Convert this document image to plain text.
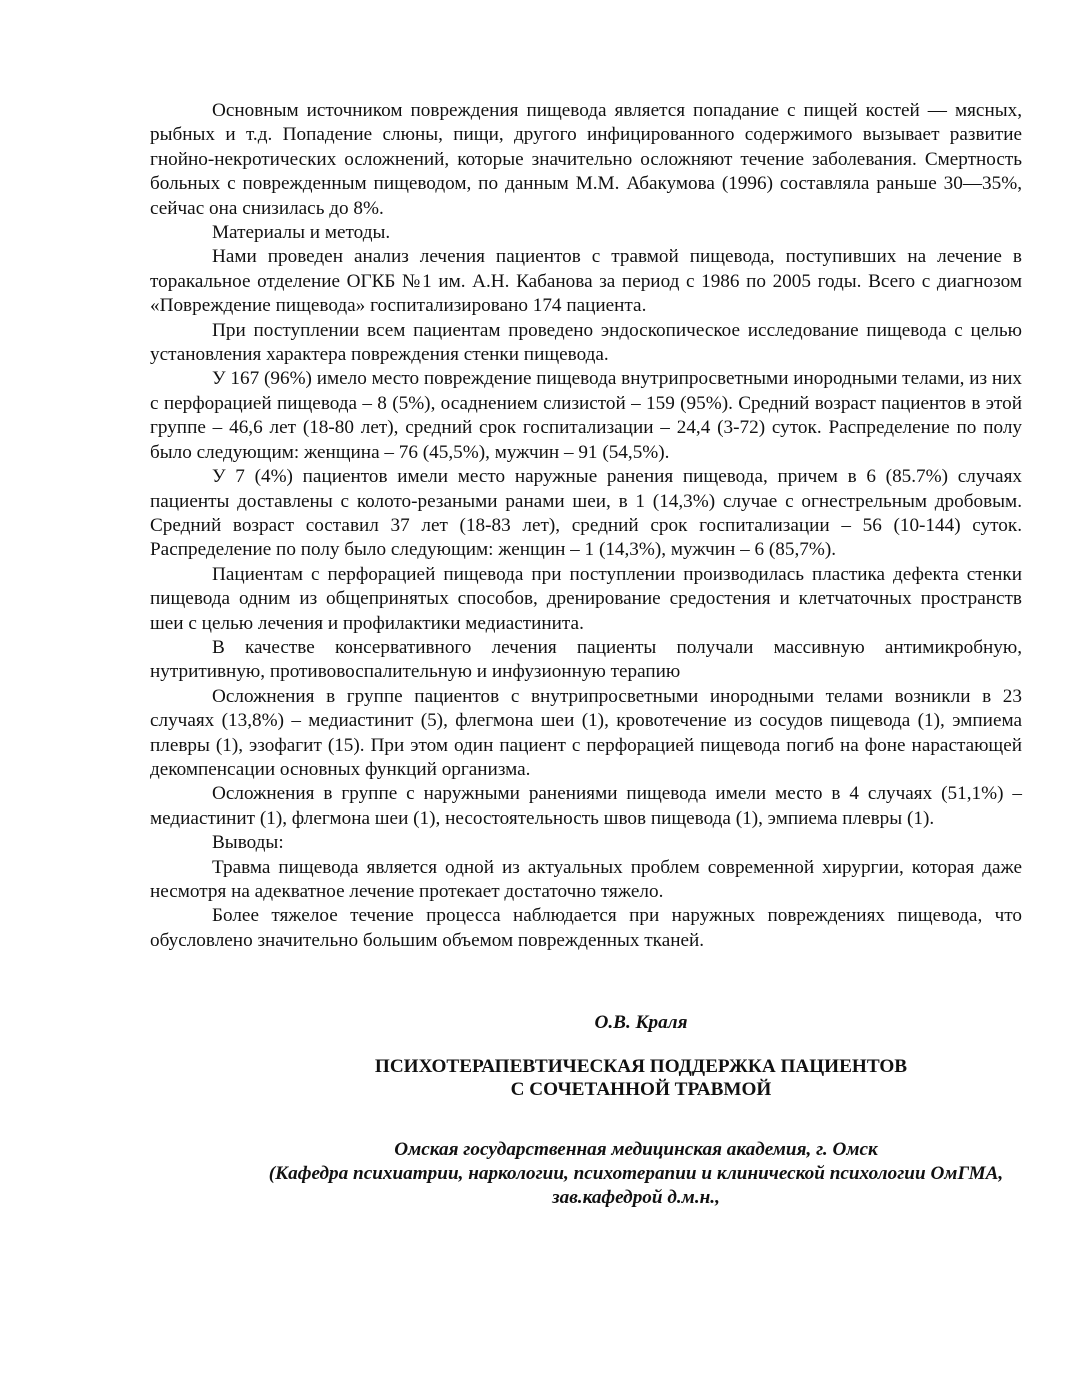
Основным источником повреждения пищевода является попадание с пищей костей — мясных, рыбных и т.д. Попадение слюны, пищи, другого инфицированного содержимого вызывает развитие гнойно-некротических осложнений, которые значительно осложняют течение заболевания. Смертность больных с поврежденным пищеводом, по данным М.М. Абакумова (1996) составляла раньше 30—35%, сейчас она снизилась до 8%.

Материалы и методы.

Нами проведен анализ лечения пациентов с травмой пищевода, поступивших на лечение в торакальное отделение ОГКБ №1 им. А.Н. Кабанова за период с 1986 по 2005 годы. Всего с диагнозом «Повреждение пищевода» госпитализировано 174 пациента.

При поступлении всем пациентам проведено эндоскопическое исследование пищевода с целью установления характера повреждения стенки пищевода.

У 167 (96%) имело место повреждение пищевода внутрипросветными инородными телами, из них с перфорацией пищевода – 8 (5%), осаднением слизистой – 159 (95%). Средний возраст пациентов в этой группе – 46,6 лет (18-80 лет), средний срок госпитализации – 24,4 (3-72) суток. Распределение по полу было следующим: женщина – 76 (45,5%), мужчин – 91 (54,5%).

У 7 (4%) пациентов имели место наружные ранения пищевода, причем в 6 (85.7%) случаях пациенты доставлены с колото-резаными ранами шеи, в 1 (14,3%) случае с огнестрельным дробовым. Средний возраст составил 37 лет (18-83 лет), средний срок госпитализации – 56 (10-144) суток. Распределение по полу было следующим: женщин – 1 (14,3%), мужчин – 6 (85,7%).

Пациентам с перфорацией пищевода при поступлении производилась пластика дефекта стенки пищевода одним из общепринятых способов, дренирование средостения и клетчаточных пространств шеи с целью лечения и профилактики медиастинита.

В качестве консервативного лечения пациенты получали массивную антимикробную, нутритивную, противовоспалительную и инфузионную терапию

Осложнения в группе пациентов с внутрипросветными инородными телами возникли в 23 случаях (13,8%) – медиастинит (5), флегмона шеи (1), кровотечение из сосудов пищевода (1), эмпиема плевры (1), эзофагит (15). При этом один пациент с перфорацией пищевода погиб на фоне нарастающей декомпенсации основных функций организма.

Осложнения в группе с наружными ранениями пищевода имели место в 4 случаях (51,1%) – медиастинит (1), флегмона шеи (1), несостоятельность швов пищевода (1), эмпиема плевры (1).

Выводы:

Травма пищевода является одной из актуальных проблем современной хирургии, которая даже несмотря на адекватное лечение протекает достаточно тяжело.

Более тяжелое течение процесса наблюдается при наружных повреждениях пищевода, что обусловлено значительно большим объемом поврежденных тканей.

О.В. Краля

ПСИХОТЕРАПЕВТИЧЕСКАЯ ПОДДЕРЖКА ПАЦИЕНТОВ
С СОЧЕТАННОЙ ТРАВМОЙ
Омская государственная медицинская академия, г. Омск
(Кафедра психиатрии, наркологии, психотерапии и клинической психологии ОмГМА,
зав.кафедрой д.м.н.,
